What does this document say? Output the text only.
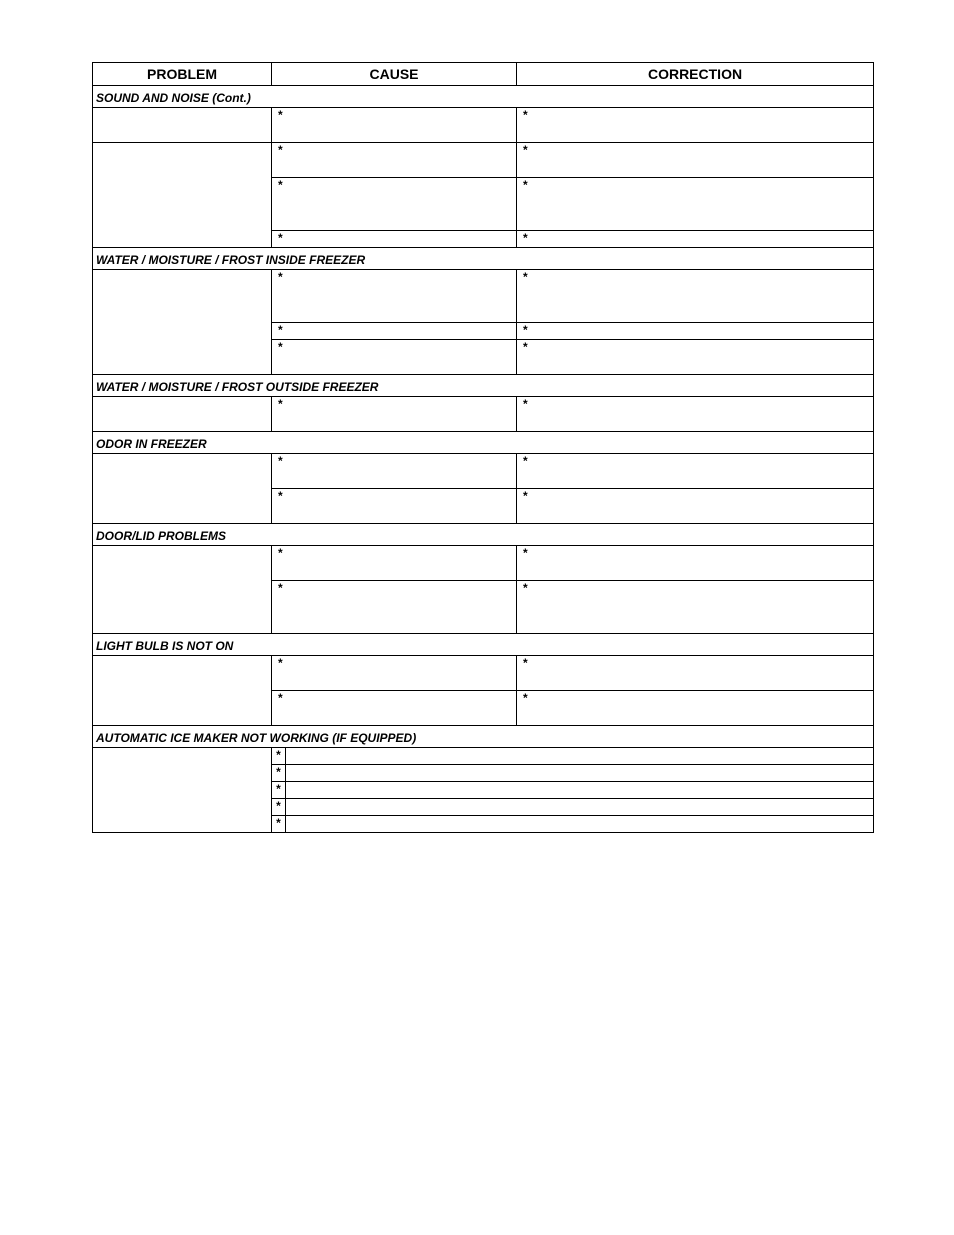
PROBLEM	CAUSE		CORRECTION
SOUND AND NOISE (Cont.)			
	*		*
	*		*
	*		*
	*		*
WATER / MOISTURE / FROST INSIDE FREEZER			
	*		*
	*		*
	*		*
WATER / MOISTURE / FROST OUTSIDE FREEZER			
	*		*
ODOR IN FREEZER			
	*		*
	*		*
DOOR/LID PROBLEMS			
	*		*
	*		*
LIGHT BULB IS NOT ON			
	*		*
	*		*
AUTOMATIC ICE MAKER NOT WORKING (IF EQUIPPED)			
	*		
	*		
	*		
	*		
	*		
